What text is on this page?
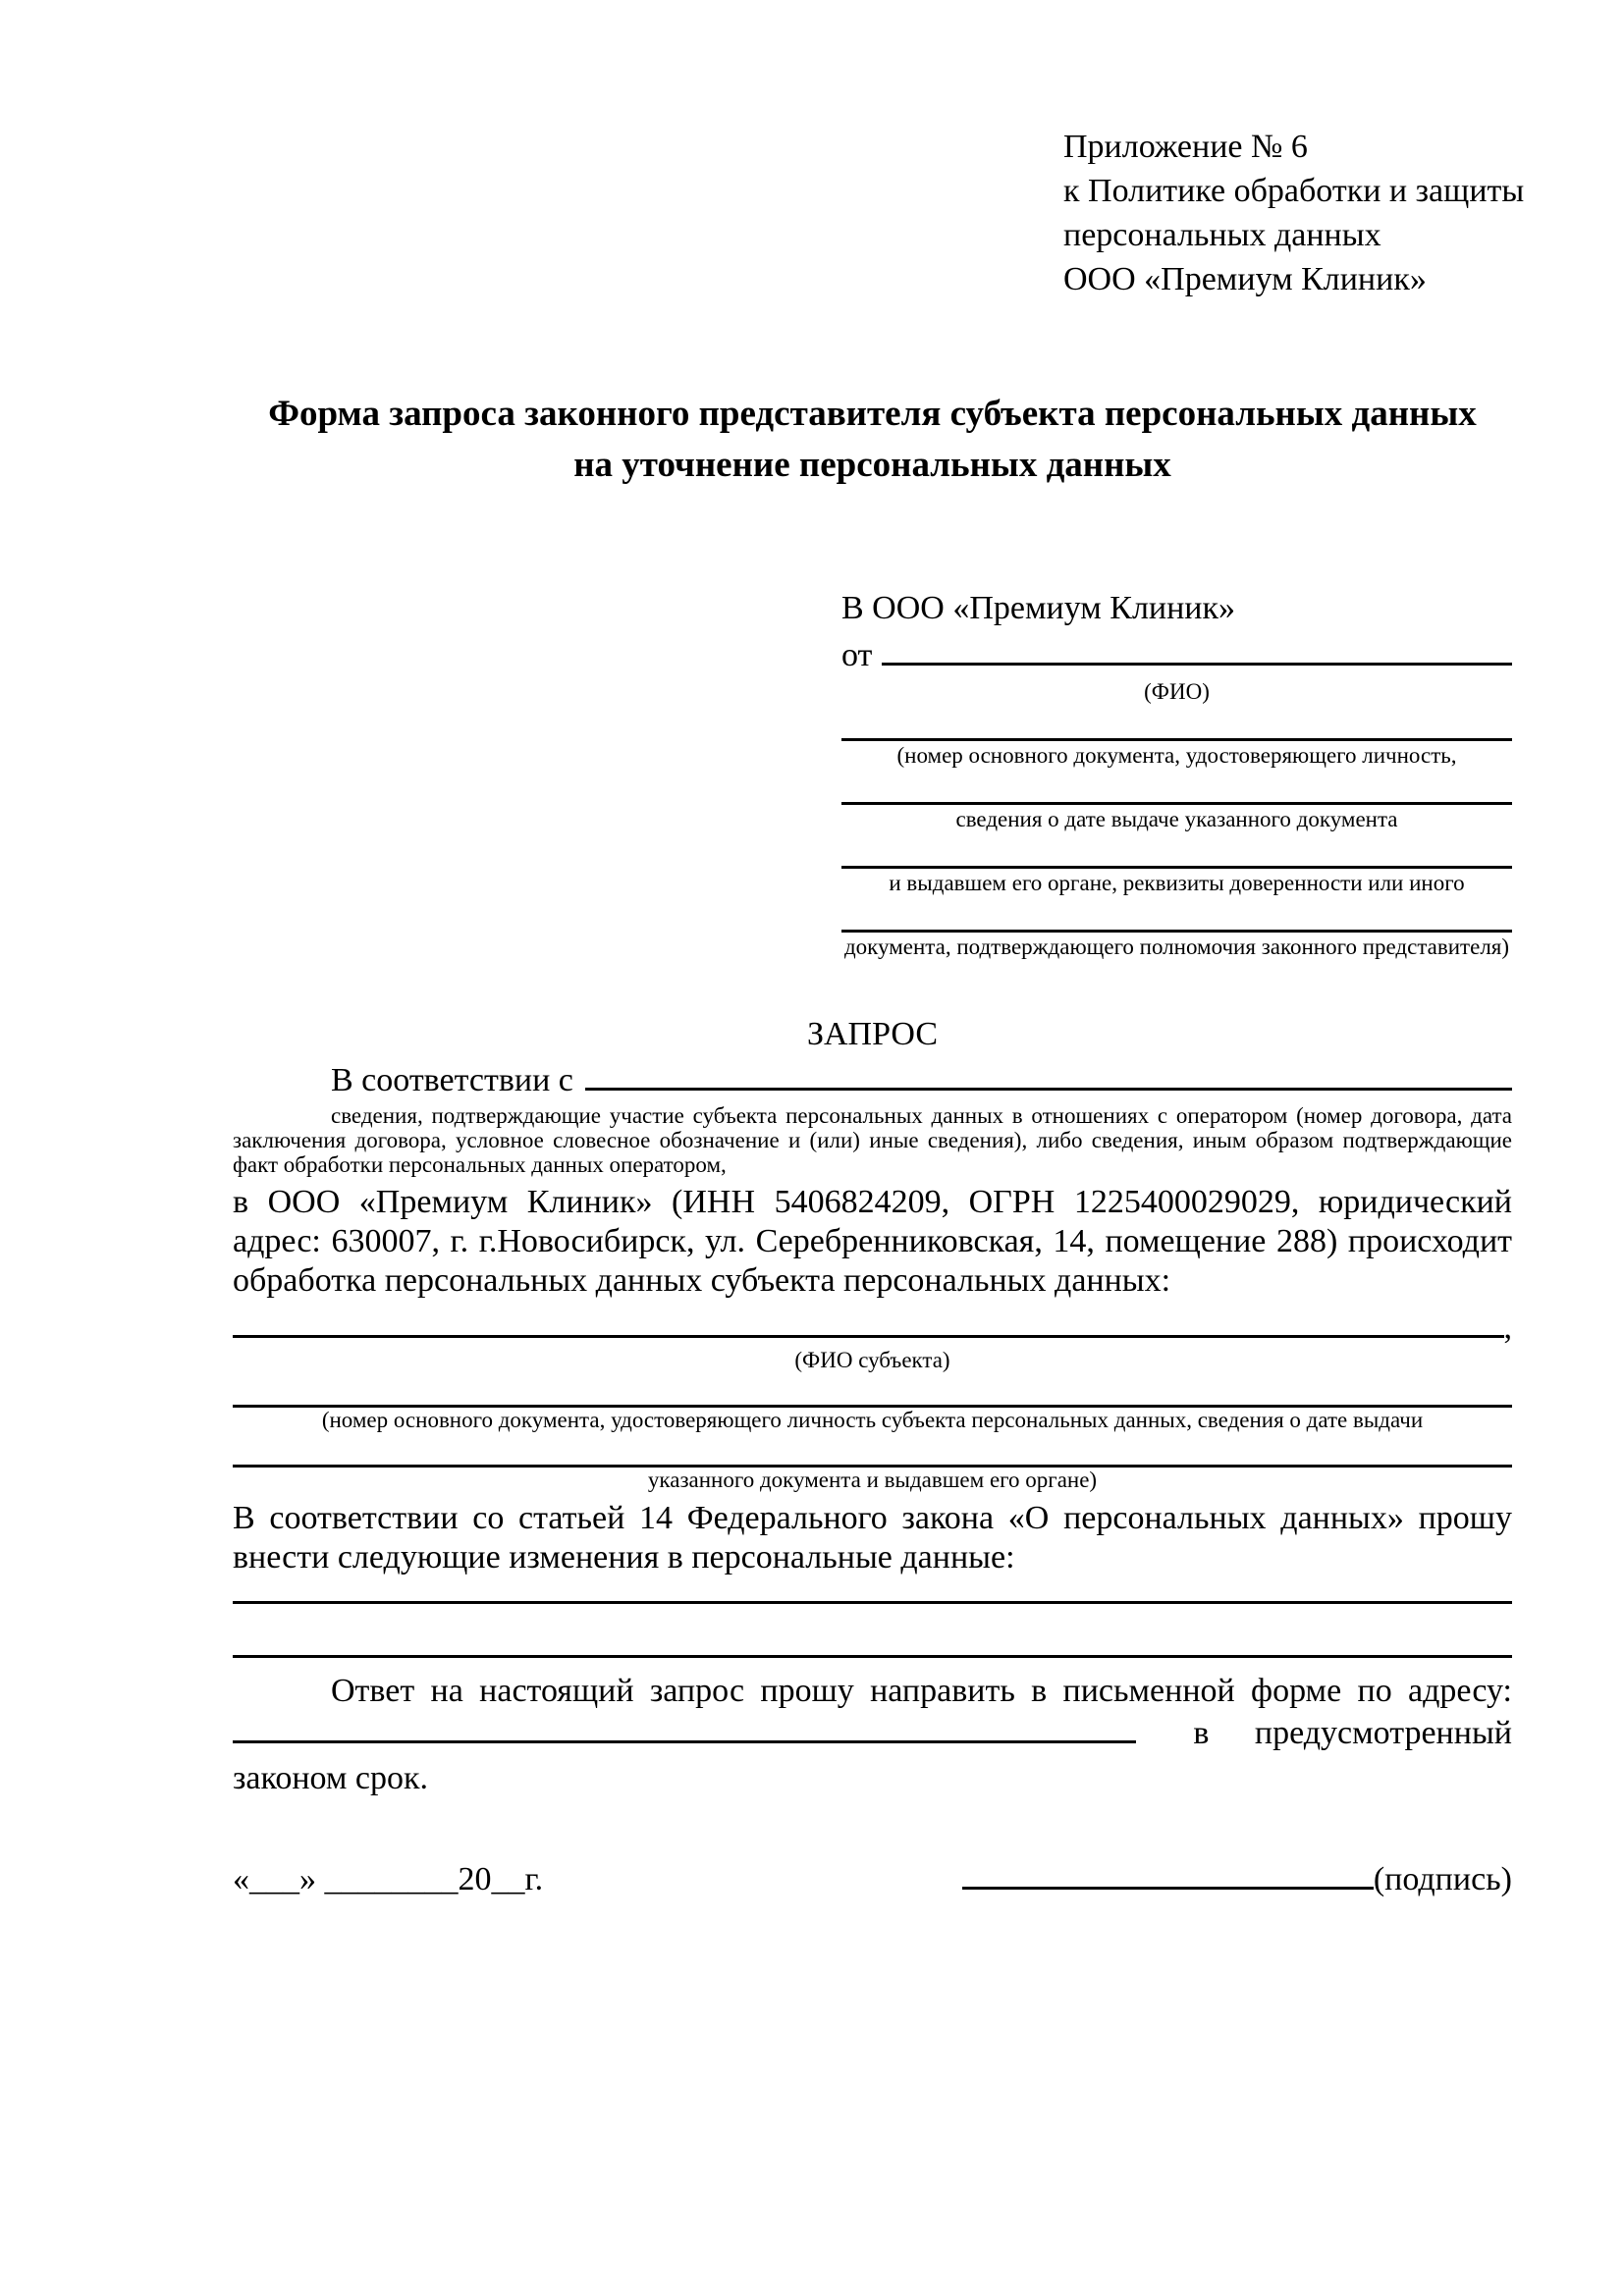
Приложение № 6
к Политике обработки и защиты
персональных данных
ООО «Премиум Клиник»
Форма запроса законного представителя субъекта персональных данных
на уточнение персональных данных
В ООО «Премиум Клиник»
от
(ФИО)
(номер основного документа, удостоверяющего личность,
сведения о дате выдаче указанного документа
и выдавшем его органе, реквизиты доверенности или иного
документа, подтверждающего полномочия законного представителя)
ЗАПРОС
В соответствии с

сведения, подтверждающие участие субъекта персональных данных в отношениях с оператором (номер договора, дата заключения договора, условное словесное обозначение и (или) иные сведения), либо сведения, иным образом подтверждающие факт обработки персональных данных оператором,

в ООО «Премиум Клиник» (ИНН 5406824209, ОГРН 1225400029029, юридический адрес: 630007, г. г.Новосибирск, ул. Серебренниковская, 14, помещение 288) происходит обработка персональных данных субъекта персональных данных:

,
(ФИО субъекта)
(номер основного документа, удостоверяющего личность субъекта персональных данных, сведения о дате выдачи
указанного документа и выдавшем его органе)

В соответствии со статьей 14 Федерального закона «О персональных данных» прошу внести следующие изменения в персональные данные:

Ответ на настоящий запрос прошу направить в письменной форме по адресу:

в предусмотренный

законом срок.

«___» ________20__г.	(подпись)
